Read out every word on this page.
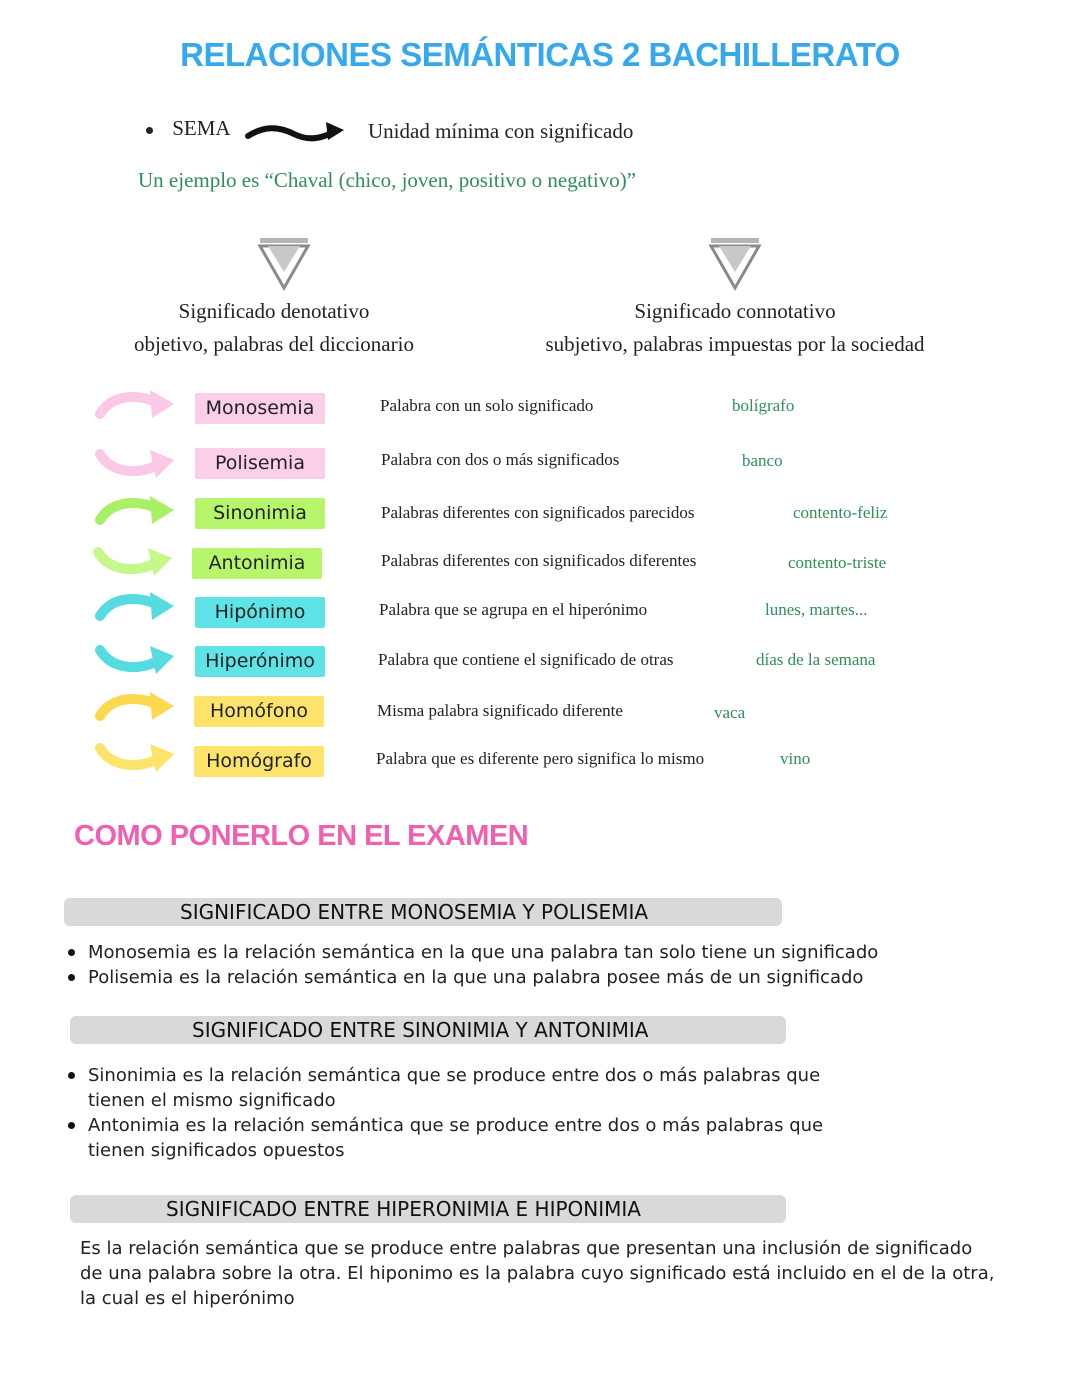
RELACIONES SEMÁNTICAS 2 BACHILLERATO
SEMA	Unidad mínima con significado
Un ejemplo es “Chaval (chico, joven, positivo o negativo)”
Significado denotativo
objetivo, palabras del diccionario
Significado connotativo
subjetivo, palabras impuestas por la sociedad
Monosemia	Palabra con un solo significado	bolígrafo
Polisemia	Palabra con dos o más significados	banco
Sinonimia	Palabras diferentes con significados parecidos	contento-feliz
Antonimia	Palabras diferentes con significados diferentes	contento-triste
Hipónimo	Palabra que se agrupa en el hiperónimo	lunes, martes...
Hiperónimo	Palabra que contiene el significado de otras	días de la semana
Homófono	Misma palabra significado diferente	vaca
Homógrafo	Palabra que es diferente pero significa lo mismo	vino
COMO PONERLO EN EL EXAMEN
SIGNIFICADO ENTRE MONOSEMIA Y POLISEMIA
Monosemia es la relación semántica en la que una palabra tan solo tiene un significado
Polisemia es la relación semántica en la que una palabra posee más de un significado
SIGNIFICADO ENTRE SINONIMIA Y ANTONIMIA
Sinonimia es la relación semántica que se produce entre dos o más palabras que tienen el mismo significado
Antonimia es la relación semántica que se produce entre dos o más palabras que tienen significados opuestos
SIGNIFICADO ENTRE HIPERONIMIA E HIPONIMIA
Es la relación semántica que se produce entre palabras que presentan una inclusión de significado de una palabra sobre la otra. El hiponimo es la palabra cuyo significado está incluido en el de la otra, la cual es el hiperónimo
